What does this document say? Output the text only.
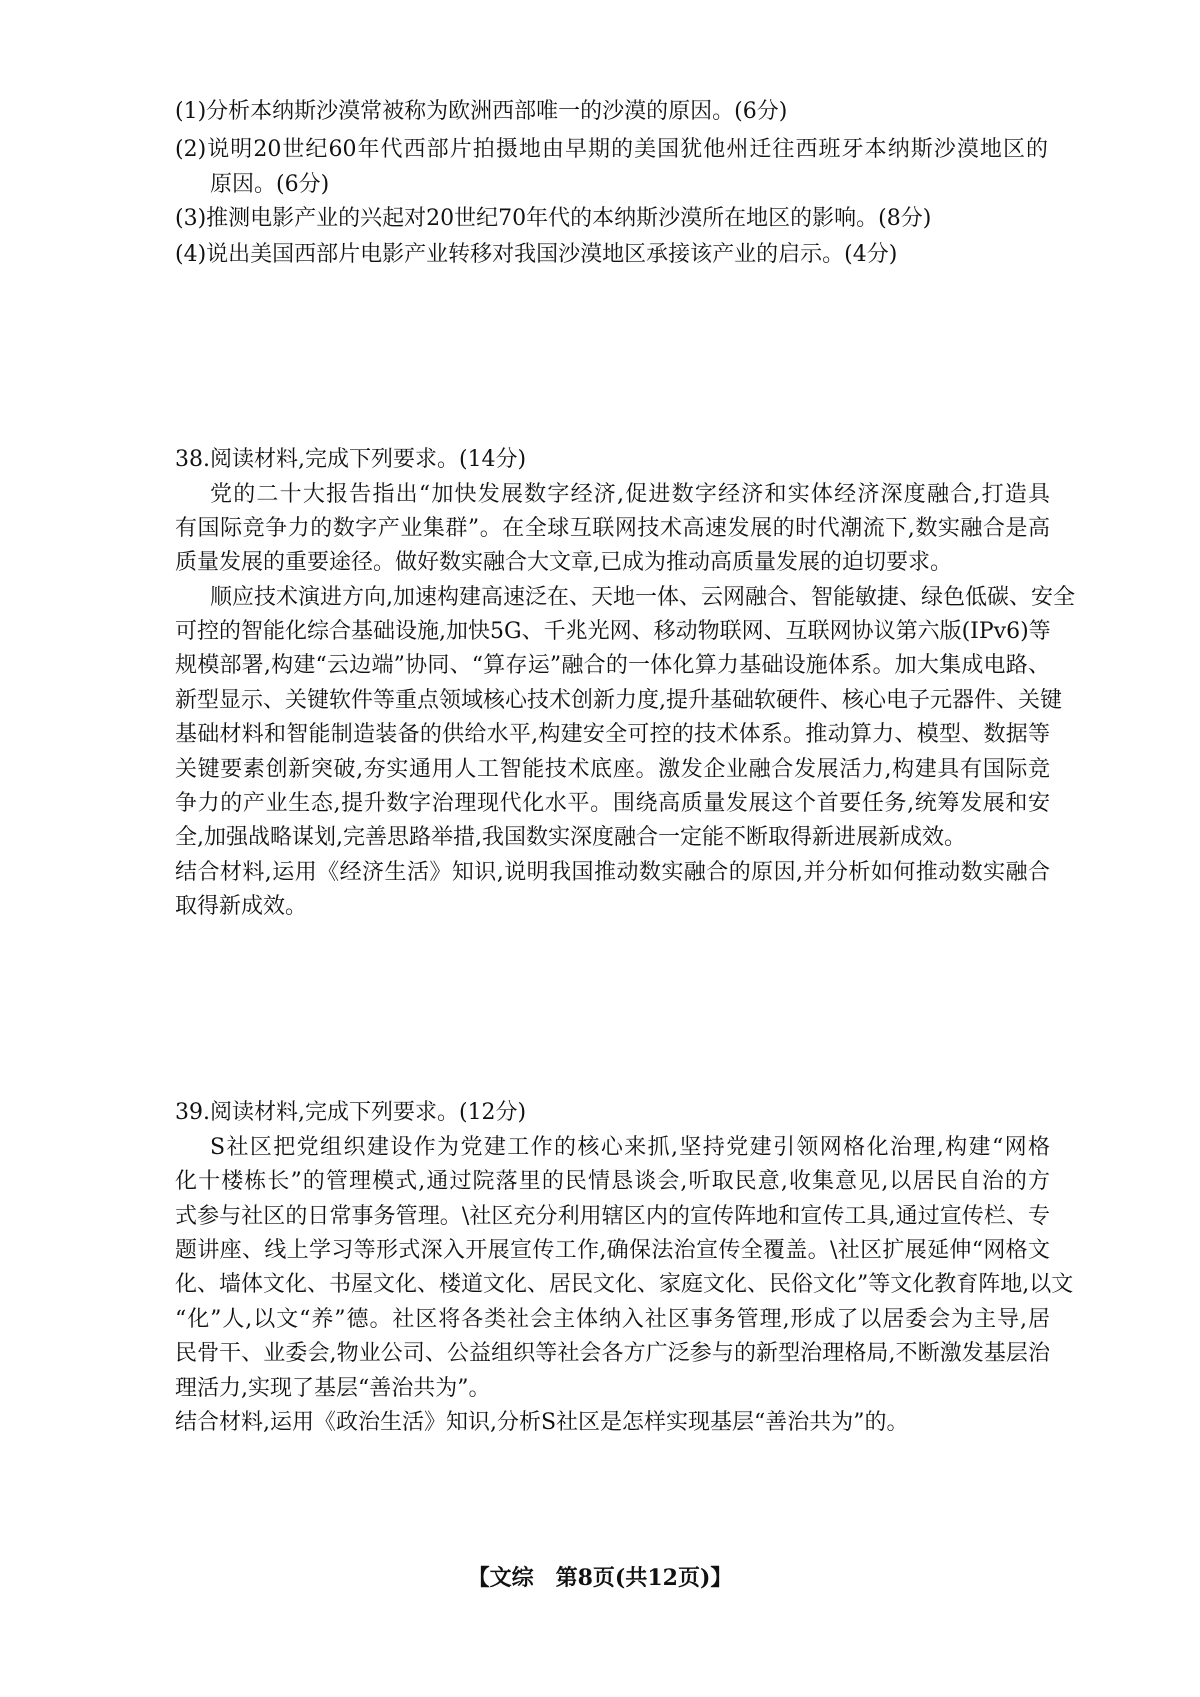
(1)分析本纳斯沙漠常被称为欧洲西部唯一的沙漠的原因。(6分)
(2)说明20世纪60年代西部片拍摄地由早期的美国犹他州迁往西班牙本纳斯沙漠地区的
原因。(6分)
(3)推测电影产业的兴起对20世纪70年代的本纳斯沙漠所在地区的影响。(8分)
(4)说出美国西部片电影产业转移对我国沙漠地区承接该产业的启示。(4分)
38.阅读材料,完成下列要求。(14分)
党的二十大报告指出“加快发展数字经济,促进数字经济和实体经济深度融合,打造具
有国际竞争力的数字产业集群”。在全球互联网技术高速发展的时代潮流下,数实融合是高
质量发展的重要途径。做好数实融合大文章,已成为推动高质量发展的迫切要求。
顺应技术演进方向,加速构建高速泛在、天地一体、云网融合、智能敏捷、绿色低碳、安全
可控的智能化综合基础设施,加快5G、千兆光网、移动物联网、互联网协议第六版(IPv6)等
规模部署,构建“云边端”协同、“算存运”融合的一体化算力基础设施体系。加大集成电路、
新型显示、关键软件等重点领域核心技术创新力度,提升基础软硬件、核心电子元器件、关键
基础材料和智能制造装备的供给水平,构建安全可控的技术体系。推动算力、模型、数据等
关键要素创新突破,夯实通用人工智能技术底座。激发企业融合发展活力,构建具有国际竞
争力的产业生态,提升数字治理现代化水平。围绕高质量发展这个首要任务,统筹发展和安
全,加强战略谋划,完善思路举措,我国数实深度融合一定能不断取得新进展新成效。
结合材料,运用《经济生活》知识,说明我国推动数实融合的原因,并分析如何推动数实融合
取得新成效。
39.阅读材料,完成下列要求。(12分)
S社区把党组织建设作为党建工作的核心来抓,坚持党建引领网格化治理,构建“网格
化十楼栋长”的管理模式,通过院落里的民情恳谈会,听取民意,收集意见,以居民自治的方
式参与社区的日常事务管理。\社区充分利用辖区内的宣传阵地和宣传工具,通过宣传栏、专
题讲座、线上学习等形式深入开展宣传工作,确保法治宣传全覆盖。\社区扩展延伸“网格文
化、墙体文化、书屋文化、楼道文化、居民文化、家庭文化、民俗文化”等文化教育阵地,以文
“化”人,以文“养”德。社区将各类社会主体纳入社区事务管理,形成了以居委会为主导,居
民骨干、业委会,物业公司、公益组织等社会各方广泛参与的新型治理格局,不断激发基层治
理活力,实现了基层“善治共为”。
结合材料,运用《政治生活》知识,分析S社区是怎样实现基层“善治共为”的。
【文综　第8页(共12页)】
